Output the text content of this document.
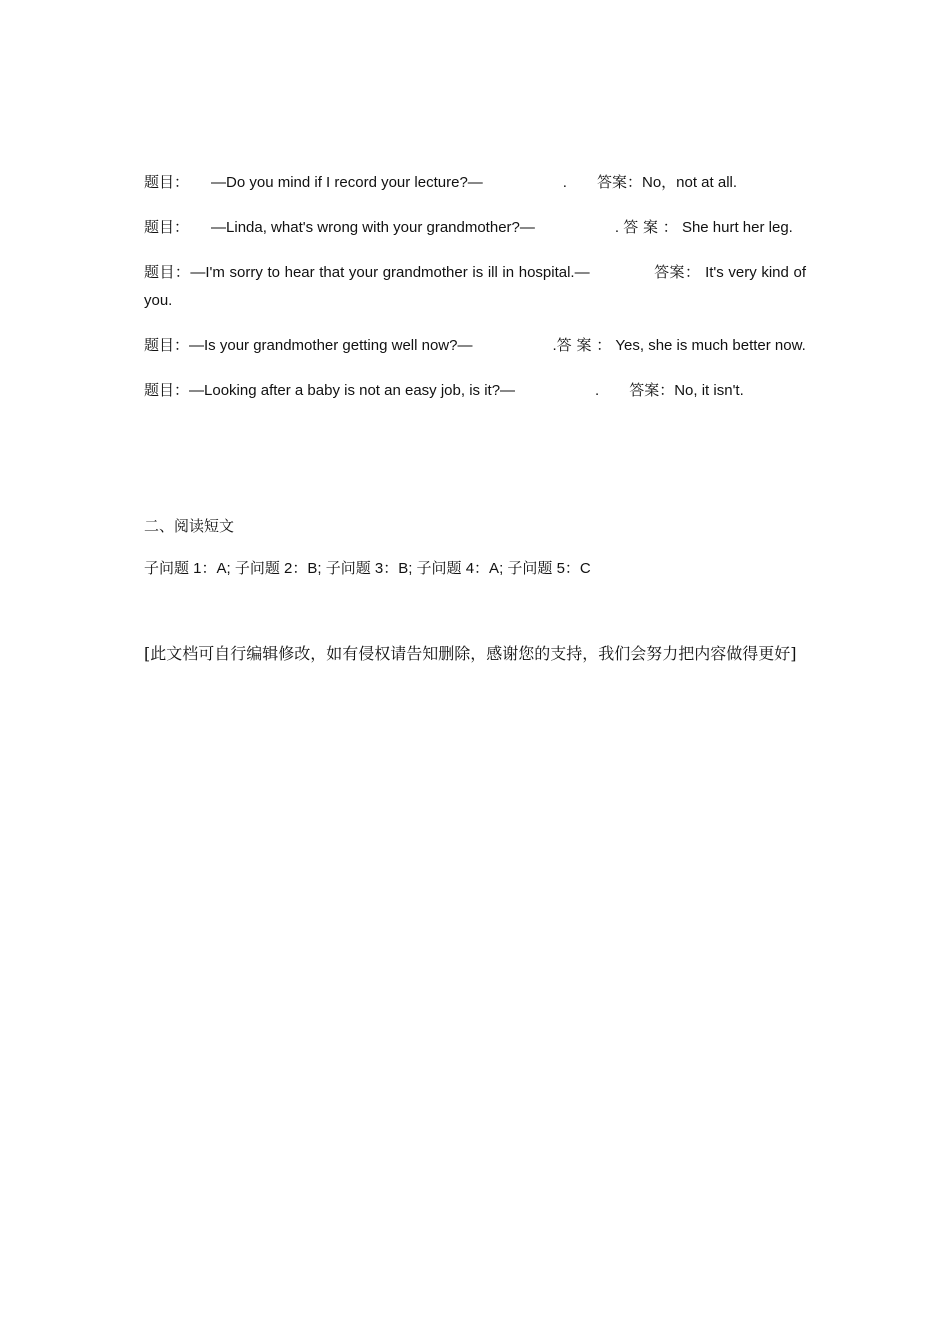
题目： —Do you mind if I record your lecture?—	. 答案：No，not at all.

题目： —Linda, what's wrong with your grandmother?—	. 答 案 ： She hurt her leg.

题目：—I'm sorry to hear that your grandmother is ill in hospital.—	答案： It's very kind of you.

题目：—Is your grandmother getting well now?—	.答 案 ： Yes, she is much better now.

题目：—Looking after a baby is not an easy job, is it?—	. 答案：No, it isn't.

二、阅读短文
子问题 1：A; 子问题 2：B; 子问题 3：B; 子问题 4：A; 子问题 5：C
[此文档可自行编辑修改，如有侵权请告知删除，感谢您的支持，我们会努力把内容做得更好]
